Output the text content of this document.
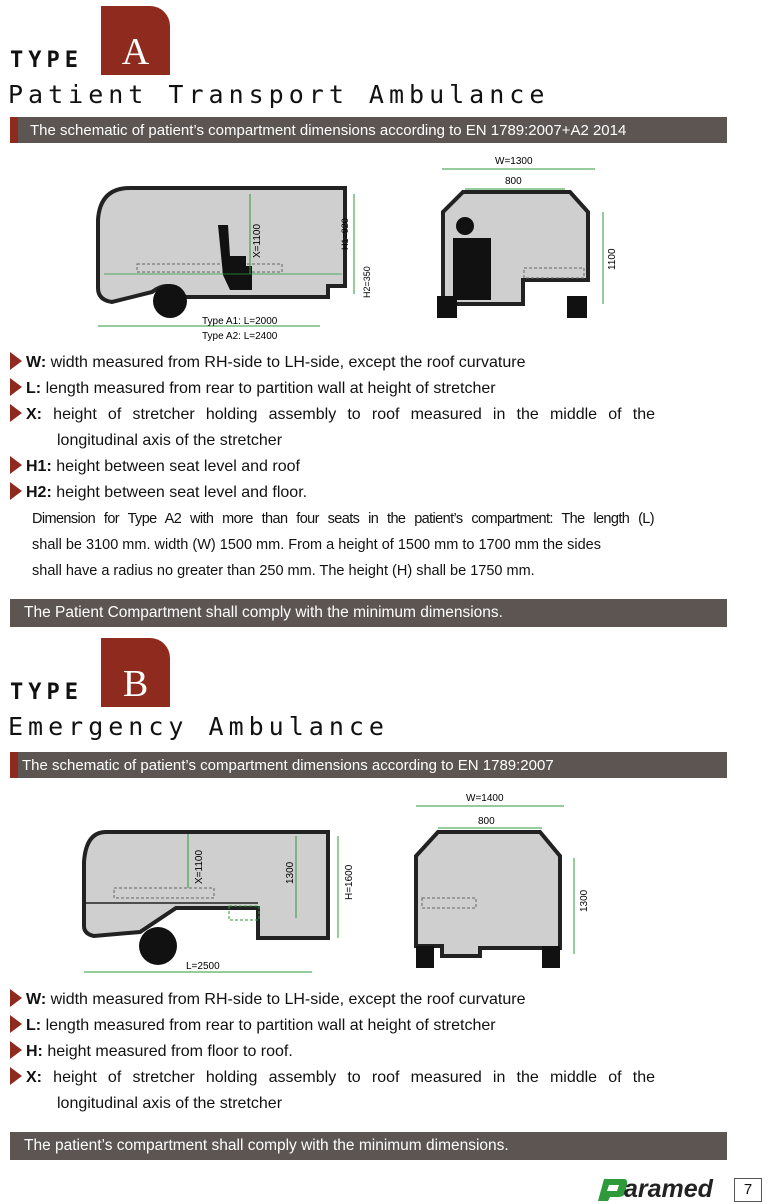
TYPE	A
Patient Transport Ambulance
The schematic of patient’s compartment dimensions according to EN 1789:2007+A2 2014
X=1100	H1=920
H2=350
Type A1: L=2000
Type A2: L=2400
W=1300
800
1100
W: width measured from RH-side to LH-side, except the roof curvature
L: length measured from rear to partition wall at height of stretcher
X: height of stretcher holding assembly to roof measured in the middle of the
longitudinal axis of the stretcher
H1: height between seat level and roof
H2: height between seat level and floor.
Dimension for Type A2 with more than four seats in the patient’s compartment: The length (L)
shall be 3100 mm. width (W) 1500 mm. From a height of 1500 mm to 1700 mm the sides
shall have a radius no greater than 250 mm. The height (H) shall be 1750 mm.
The Patient Compartment shall comply with the minimum dimensions.
TYPE	B
Emergency Ambulance
The schematic of patient’s compartment dimensions according to EN 1789:2007
X=1100	1300	H=1600
L=2500
W=1400
800
1300
W: width measured from RH-side to LH-side, except the roof curvature
L: length measured from rear to partition wall at height of stretcher
H: height measured from floor to roof.
X: height of stretcher holding assembly to roof measured in the middle of the
longitudinal axis of the stretcher
The patient’s compartment shall comply with the minimum dimensions.
aramed	7
